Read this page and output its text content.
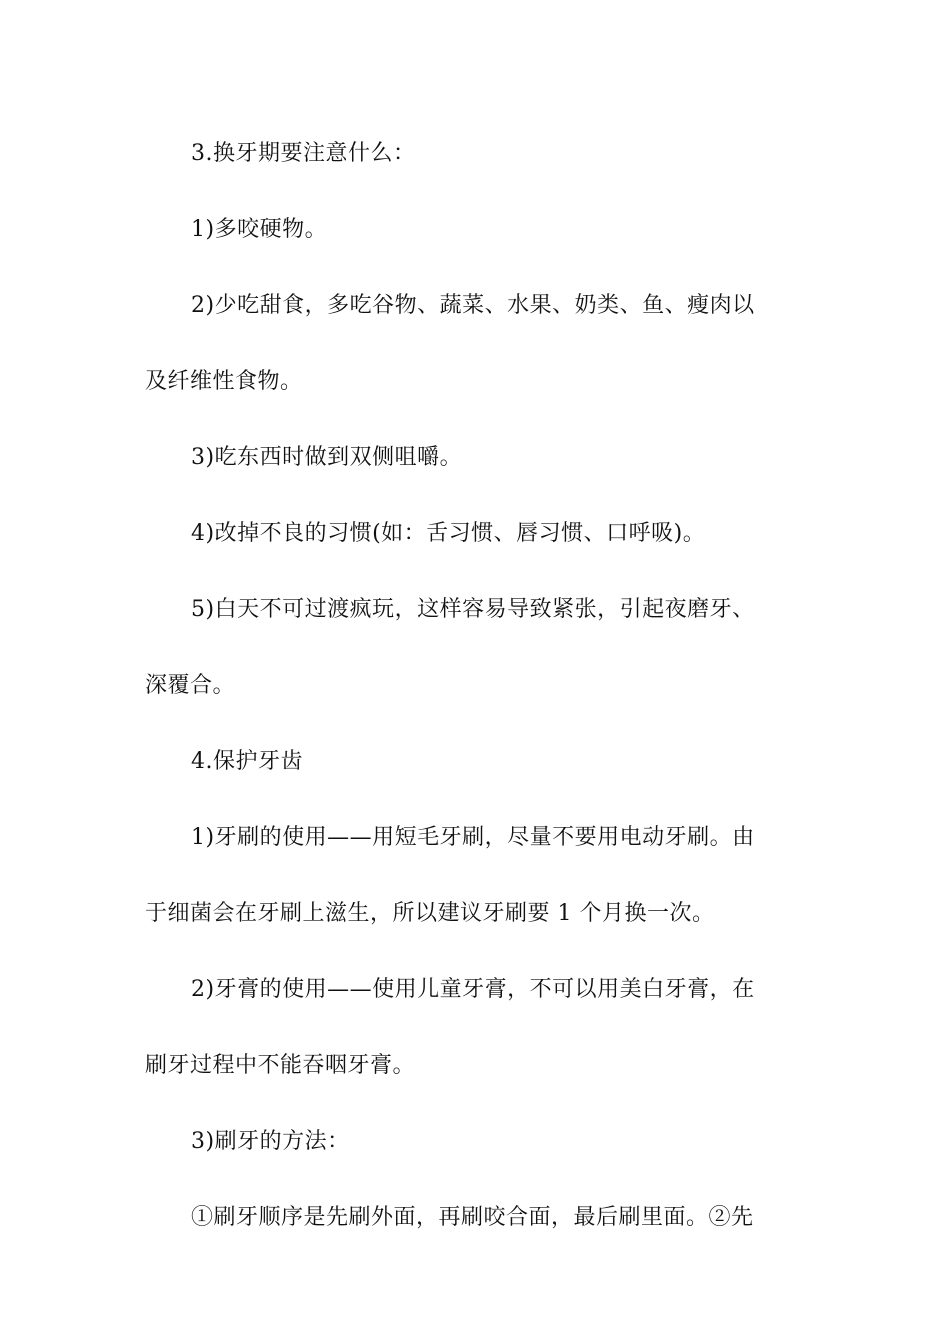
3.换牙期要注意什么：
1)多咬硬物。
2)少吃甜食，多吃谷物、蔬菜、水果、奶类、鱼、瘦肉以
及纤维性食物。
3)吃东西时做到双侧咀嚼。
4)改掉不良的习惯(如：舌习惯、唇习惯、口呼吸)。
5)白天不可过渡疯玩，这样容易导致紧张，引起夜磨牙、
深覆合。
4.保护牙齿
1)牙刷的使用——用短毛牙刷，尽量不要用电动牙刷。由
于细菌会在牙刷上滋生，所以建议牙刷要 1 个月换一次。
2)牙膏的使用——使用儿童牙膏，不可以用美白牙膏，在
刷牙过程中不能吞咽牙膏。
3)刷牙的方法：
①刷牙顺序是先刷外面，再刷咬合面，最后刷里面。②先
